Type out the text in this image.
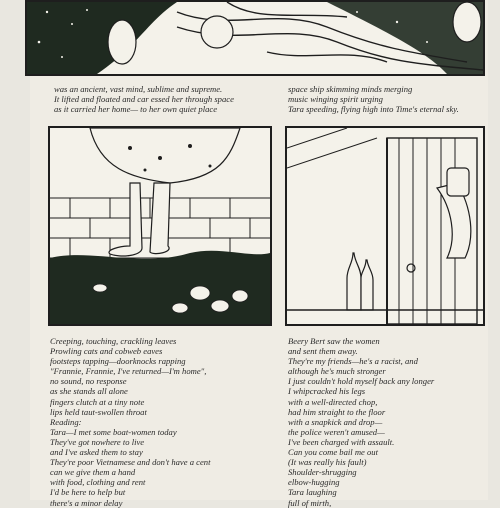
was an ancient, vast mind, sublime and supreme.
It lifted and floated and car essed her through space
as it carried her home— to her own quiet place
space ship skimming minds merging
music winging spirit urging
Tara speeding, flying high into Time's eternal sky.
Creeping, touching, crackling leaves
Prowling cats and cobweb eaves
footsteps tapping—doorknocks rapping
"Frannie, Frannie, I've returned—I'm home",
no sound, no response
as she stands all alone
fingers clutch at a tiny note
lips held taut-swollen throat
Reading:
Tara—I met some boat-women today
They've got nowhere to live
and I've asked them to stay
They're poor Vietnamese and don't have a cent
can we give them a hand
with food, clothing and rent
I'd be here to help but
there's a minor delay
Beery Bert saw the women
and sent them away.
They're my friends—he's a racist, and
although he's much stronger
I just couldn't hold myself back any longer
I whipcracked his legs
with a well-directed chop,
had him straight to the floor
with a snapkick and drop—
the police weren't amused—
I've been charged with assault.
Can you come bail me out
(It was really his fault)
Shoulder-shrugging
elbow-hugging
Tara laughing
full of mirth,
